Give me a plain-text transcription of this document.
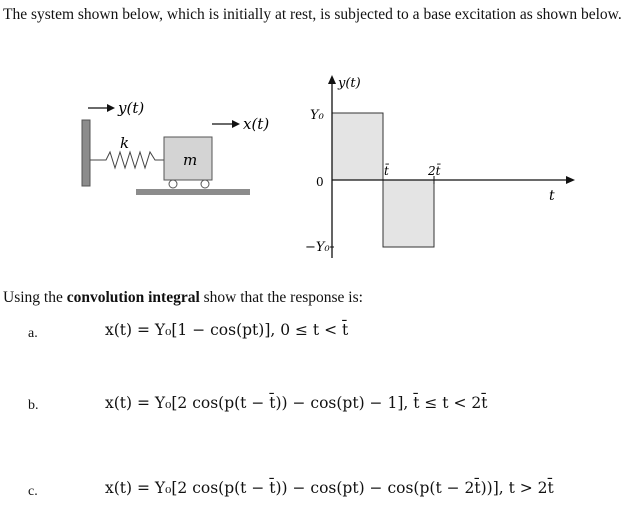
The system shown below, which is initially at rest, is subjected to a base excitation as shown below.

y(t)
k
m
x(t)
y(t)
t
Y₀
0
−Y₀
t̄	2t̄

Using the convolution integral show that the response is:

a.	x(t) = Y₀[1 − cos(pt)], 0 ≤ t < t̄
b.	x(t) = Y₀[2 cos(p(t − t̄)) − cos(pt) − 1], t̄ ≤ t < 2t̄
c.	x(t) = Y₀[2 cos(p(t − t̄)) − cos(pt) − cos(p(t − 2t̄))], t > 2t̄
